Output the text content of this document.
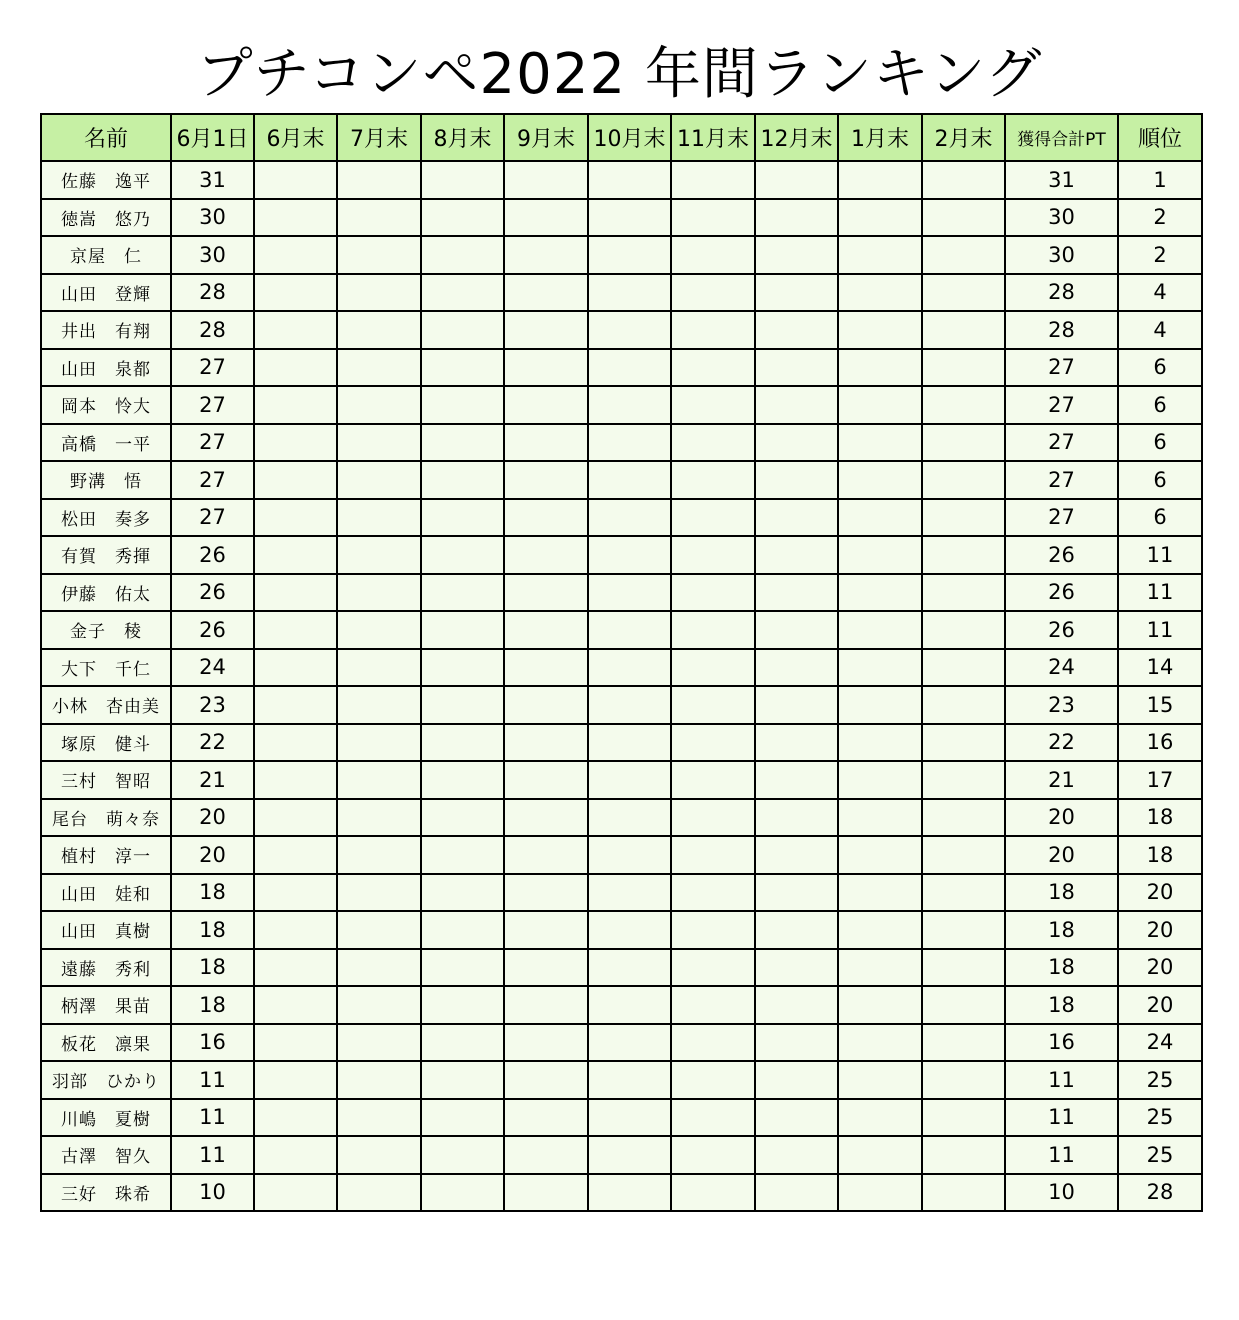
プチコンペ2022 年間ランキング
名前	6月1日	6月末	7月末	8月末	9月末	10月末	11月末	12月末	1月末	2月末	獲得合計PT	順位
佐藤　逸平	31										31	1
徳嵩　悠乃	30										30	2
京屋　仁	30										30	2
山田　登輝	28										28	4
井出　有翔	28										28	4
山田　泉都	27										27	6
岡本　怜大	27										27	6
高橋　一平	27										27	6
野溝　悟	27										27	6
松田　奏多	27										27	6
有賀　秀揮	26										26	11
伊藤　佑太	26										26	11
金子　稜	26										26	11
大下　千仁	24										24	14
小林　杏由美	23										23	15
塚原　健斗	22										22	16
三村　智昭	21										21	17
尾台　萌々奈	20										20	18
植村　淳一	20										20	18
山田　娃和	18										18	20
山田　真樹	18										18	20
遠藤　秀利	18										18	20
柄澤　果苗	18										18	20
板花　凛果	16										16	24
羽部　ひかり	11										11	25
川嶋　夏樹	11										11	25
古澤　智久	11										11	25
三好　珠希	10										10	28
